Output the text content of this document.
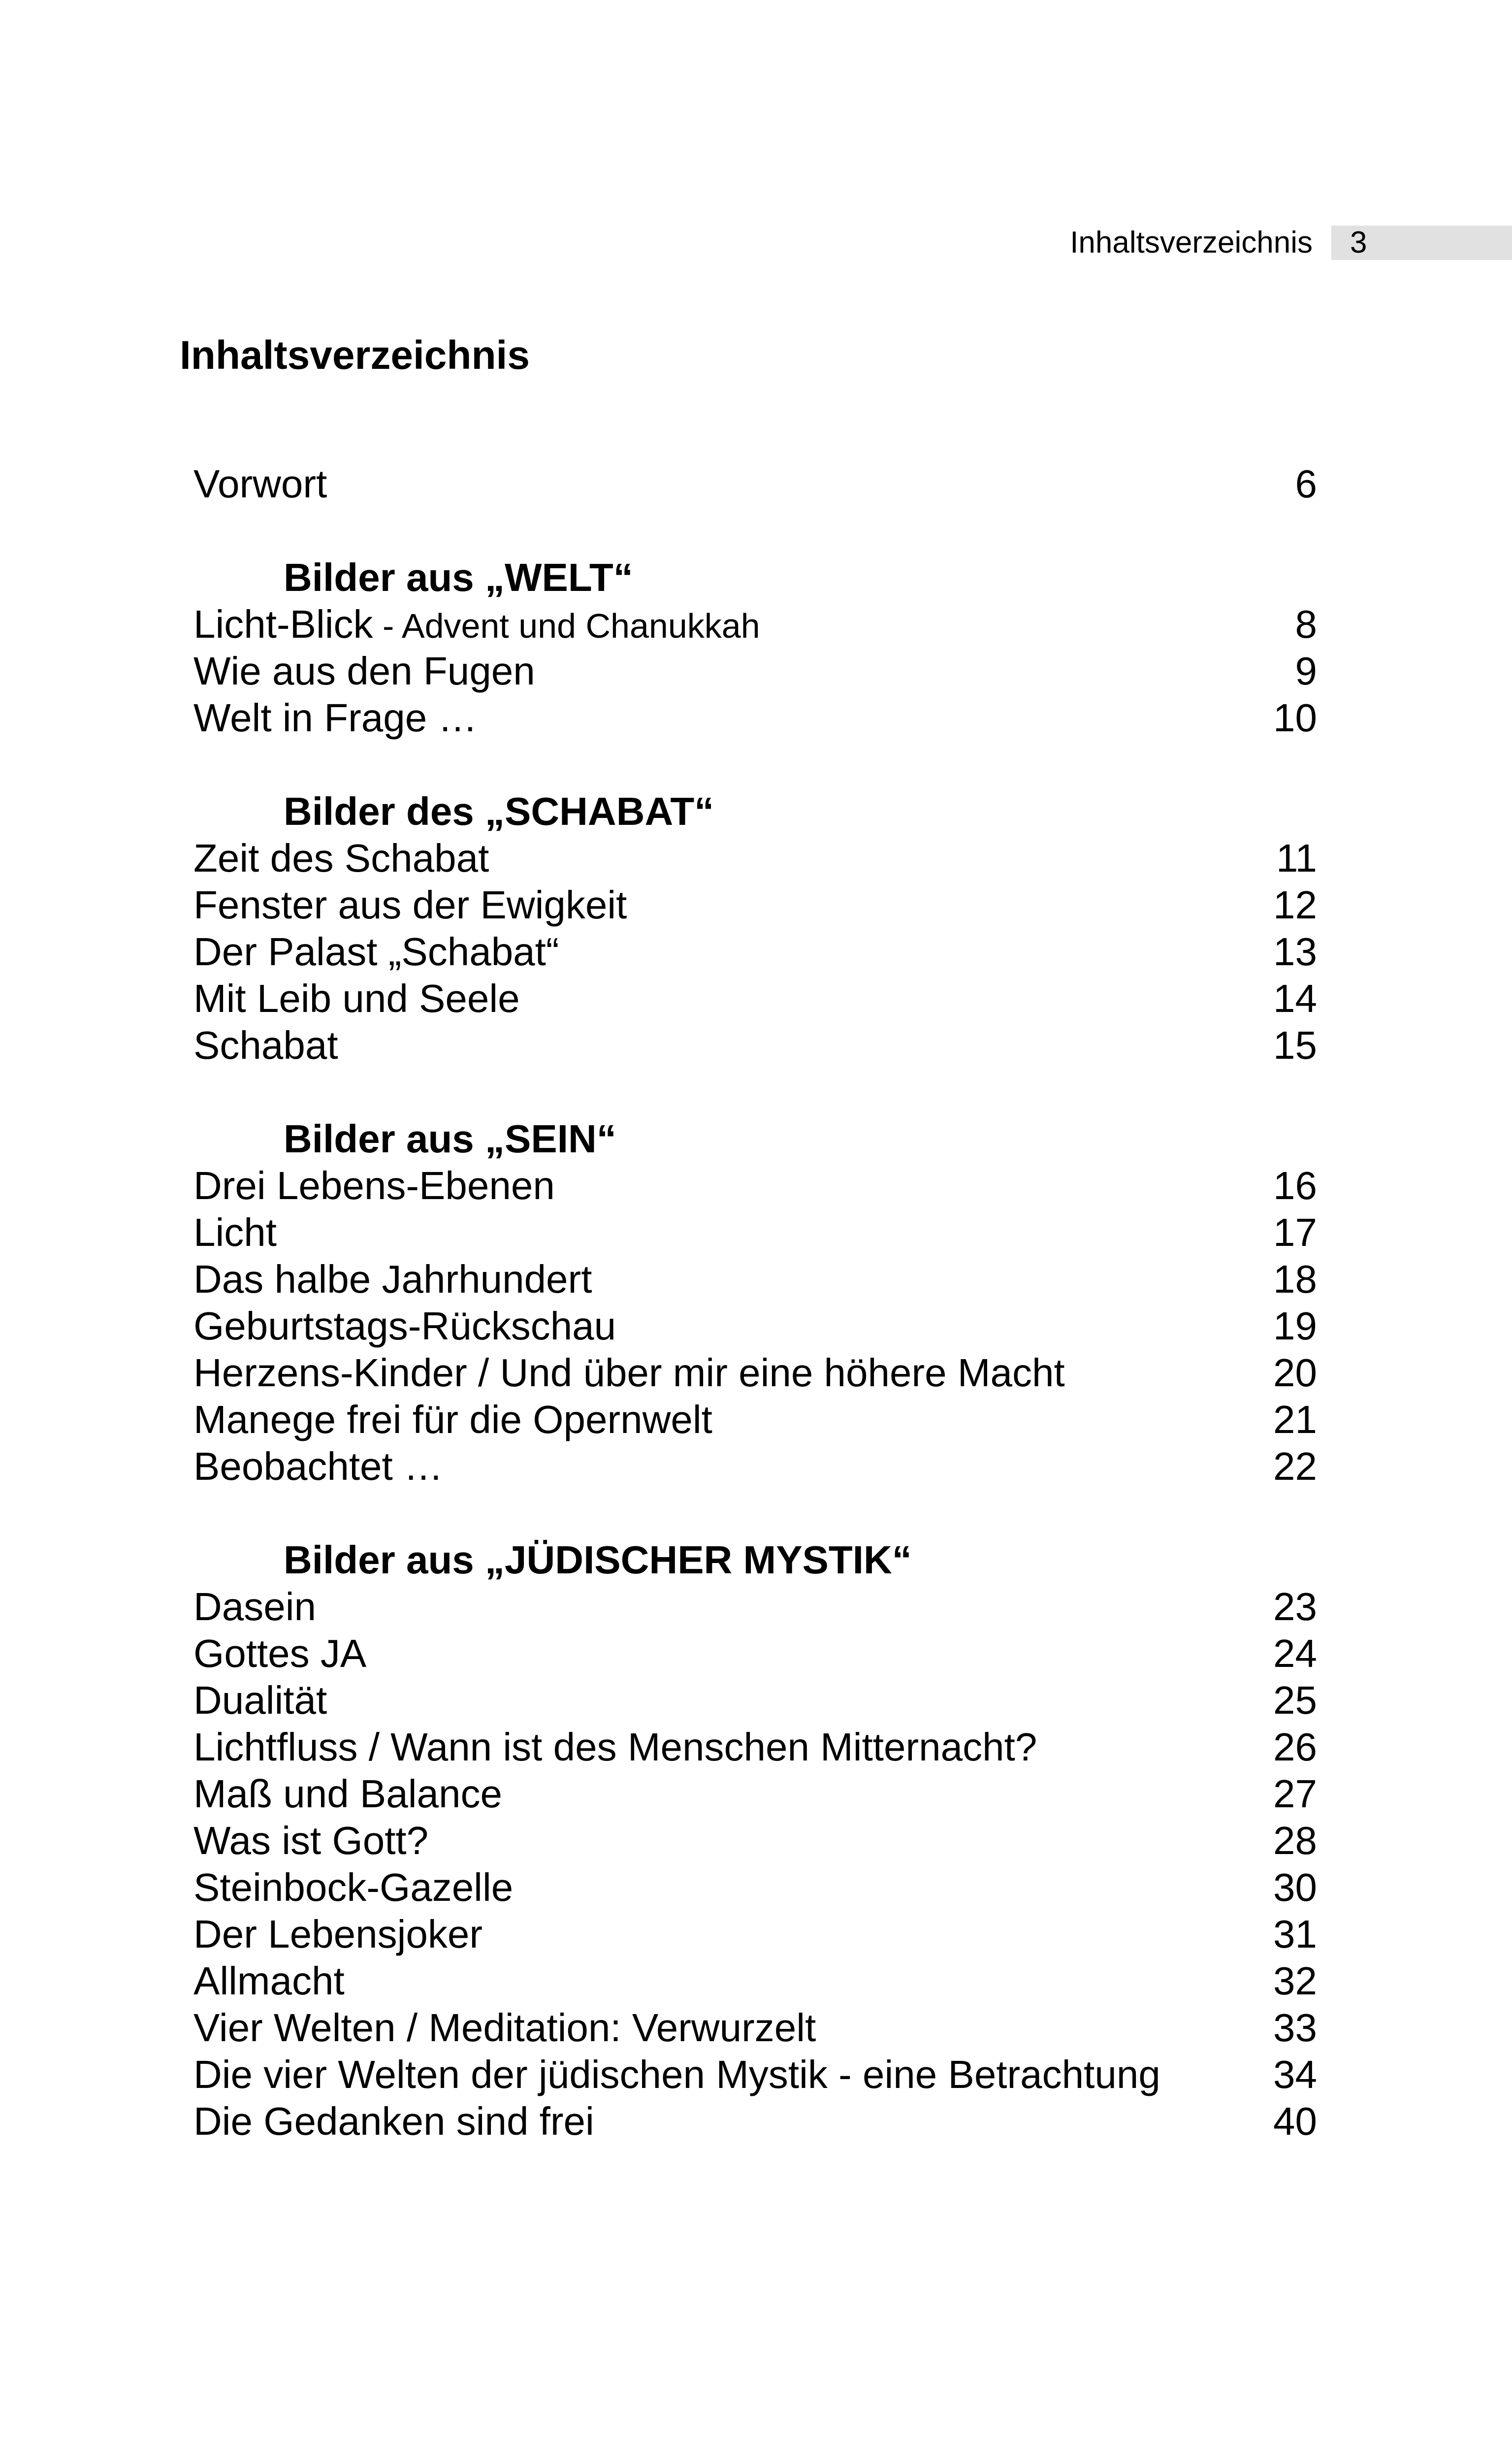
Inhaltsverzeichnis 3
Inhaltsverzeichnis
Vorwort	6
Bilder aus „WELT“
Licht-Blick - Advent und Chanukkah	8
Wie aus den Fugen	9
Welt in Frage …	10
Bilder des „SCHABAT“
Zeit des Schabat	11
Fenster aus der Ewigkeit	12
Der Palast „Schabat“	13
Mit Leib und Seele	14
Schabat	15
Bilder aus „SEIN“
Drei Lebens-Ebenen	16
Licht	17
Das halbe Jahrhundert	18
Geburtstags-Rückschau	19
Herzens-Kinder / Und über mir eine höhere Macht	20
Manege frei für die Opernwelt	21
Beobachtet …	22
Bilder aus „JÜDISCHER MYSTIK“
Dasein	23
Gottes JA	24
Dualität	25
Lichtfluss / Wann ist des Menschen Mitternacht?	26
Maß und Balance	27
Was ist Gott?	28
Steinbock-Gazelle	30
Der Lebensjoker	31
Allmacht	32
Vier Welten / Meditation: Verwurzelt	33
Die vier Welten der jüdischen Mystik - eine Betrachtung	34
Die Gedanken sind frei	40
